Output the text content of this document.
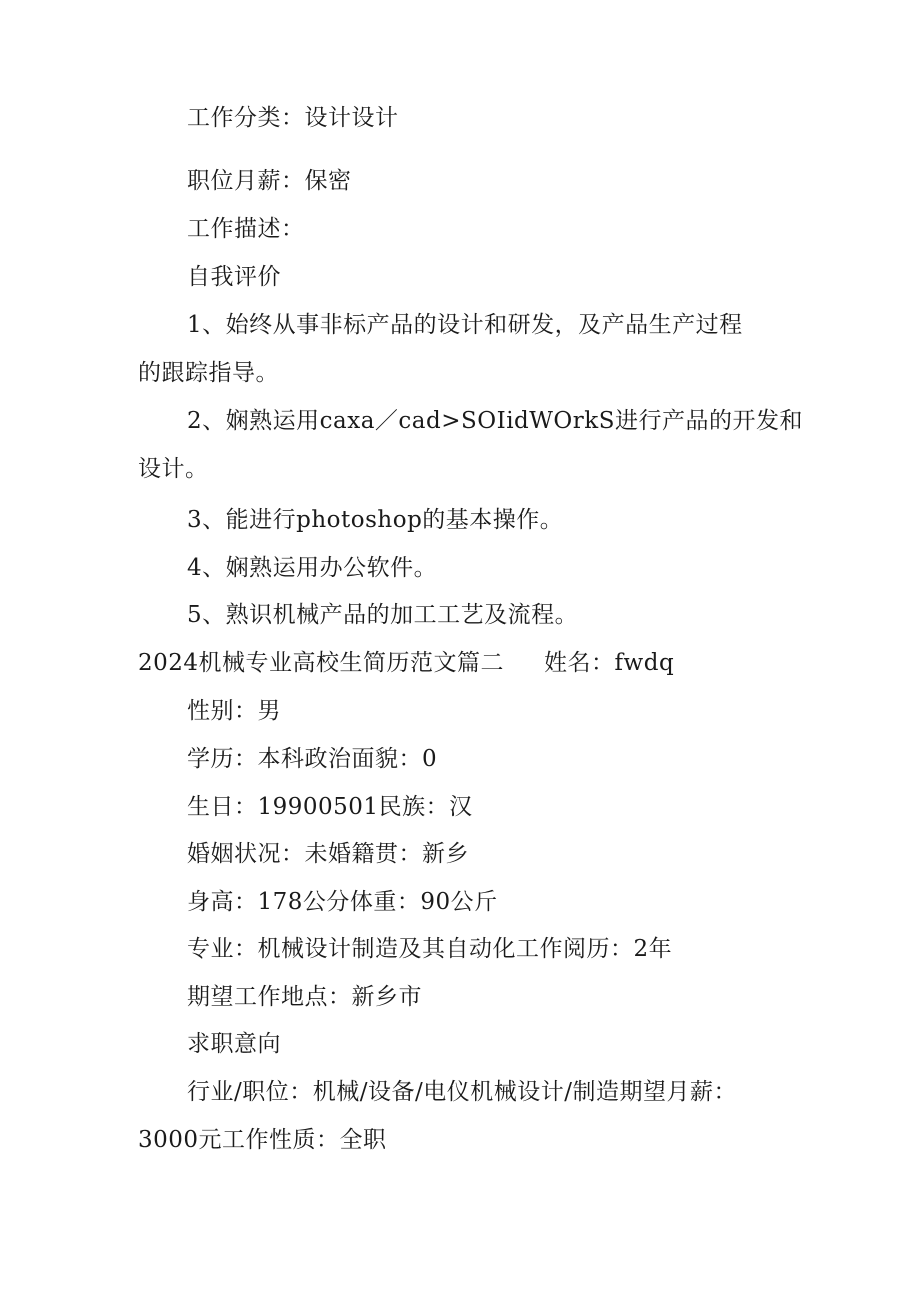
工作分类：设计设计
职位月薪：保密
工作描述：
自我评价
1、始终从事非标产品的设计和研发，及产品生产过程
的跟踪指导。
2、娴熟运用caxa／cad>SOIidWOrkS进行产品的开发和
设计。
3、能进行photoshop的基本操作。
4、娴熟运用办公软件。
5、熟识机械产品的加工工艺及流程。
2024机械专业高校生简历范文篇二 姓名：fwdq
性别：男
学历：本科政治面貌：0
生日：19900501民族：汉
婚姻状况：未婚籍贯：新乡
身高：178公分体重：90公斤
专业：机械设计制造及其自动化工作阅历：2年
期望工作地点：新乡市
求职意向
行业/职位：机械/设备/电仪机械设计/制造期望月薪：
3000元工作性质：全职
